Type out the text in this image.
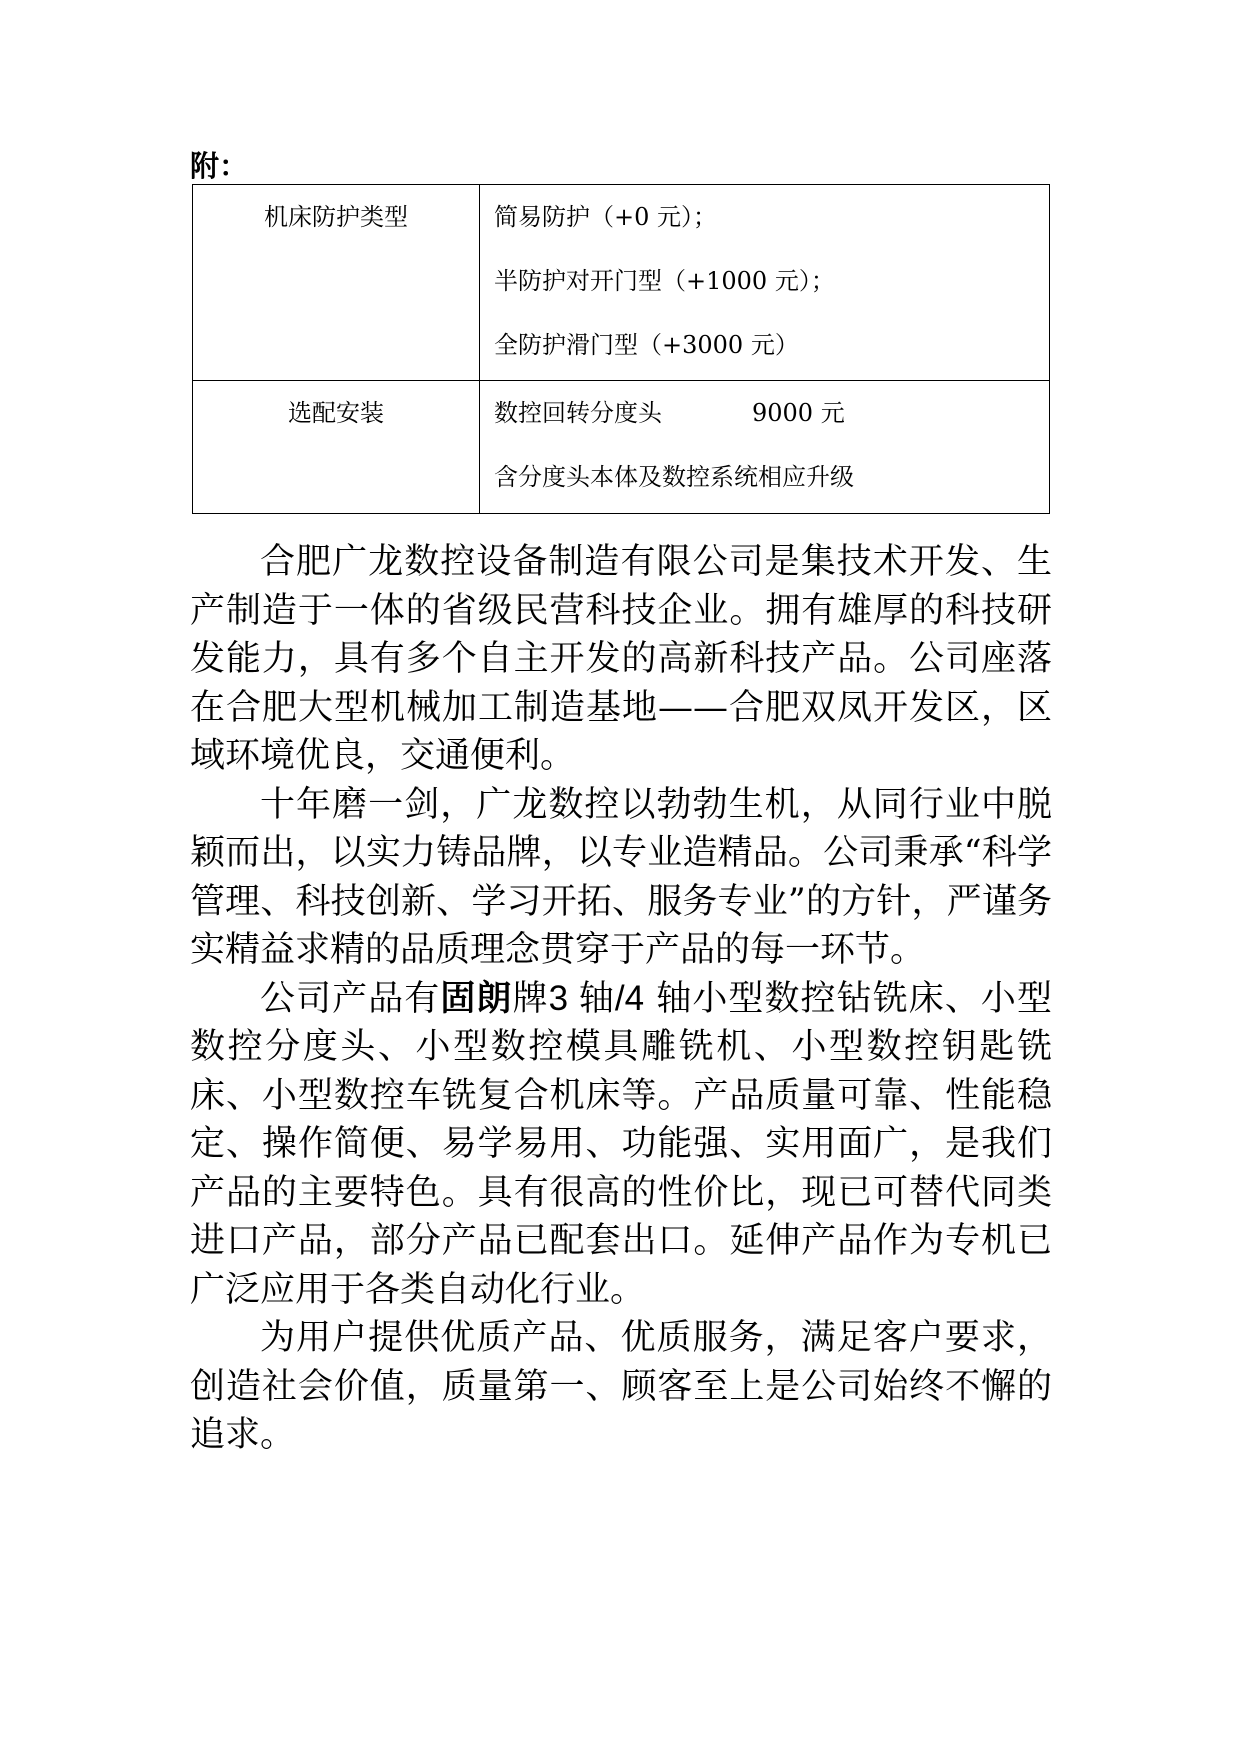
附：
机床防护类型	简易防护（+0 元）；
半防护对开门型（+1000 元）；
全防护滑门型（+3000 元）

选配安装	数控回转分度头 9000 元
含分度头本体及数控系统相应升级

合肥广龙数控设备制造有限公司是集技术开发、生产制造于一体的省级民营科技企业。拥有雄厚的科技研发能力，具有多个自主开发的高新科技产品。公司座落在合肥大型机械加工制造基地——合肥双凤开发区，区域环境优良，交通便利。

十年磨一剑，广龙数控以勃勃生机，从同行业中脱颖而出，以实力铸品牌，以专业造精品。公司秉承“科学管理、科技创新、学习开拓、服务专业”的方针，严谨务实精益求精的品质理念贯穿于产品的每一环节。

公司产品有固朗牌3 轴/4 轴小型数控钻铣床、小型数控分度头、小型数控模具雕铣机、小型数控钥匙铣床、小型数控车铣复合机床等。产品质量可靠、性能稳定、操作简便、易学易用、功能强、实用面广，是我们产品的主要特色。具有很高的性价比，现已可替代同类进口产品，部分产品已配套出口。延伸产品作为专机已广泛应用于各类自动化行业。

为用户提供优质产品、优质服务，满足客户要求，创造社会价值，质量第一、顾客至上是公司始终不懈的追求。
